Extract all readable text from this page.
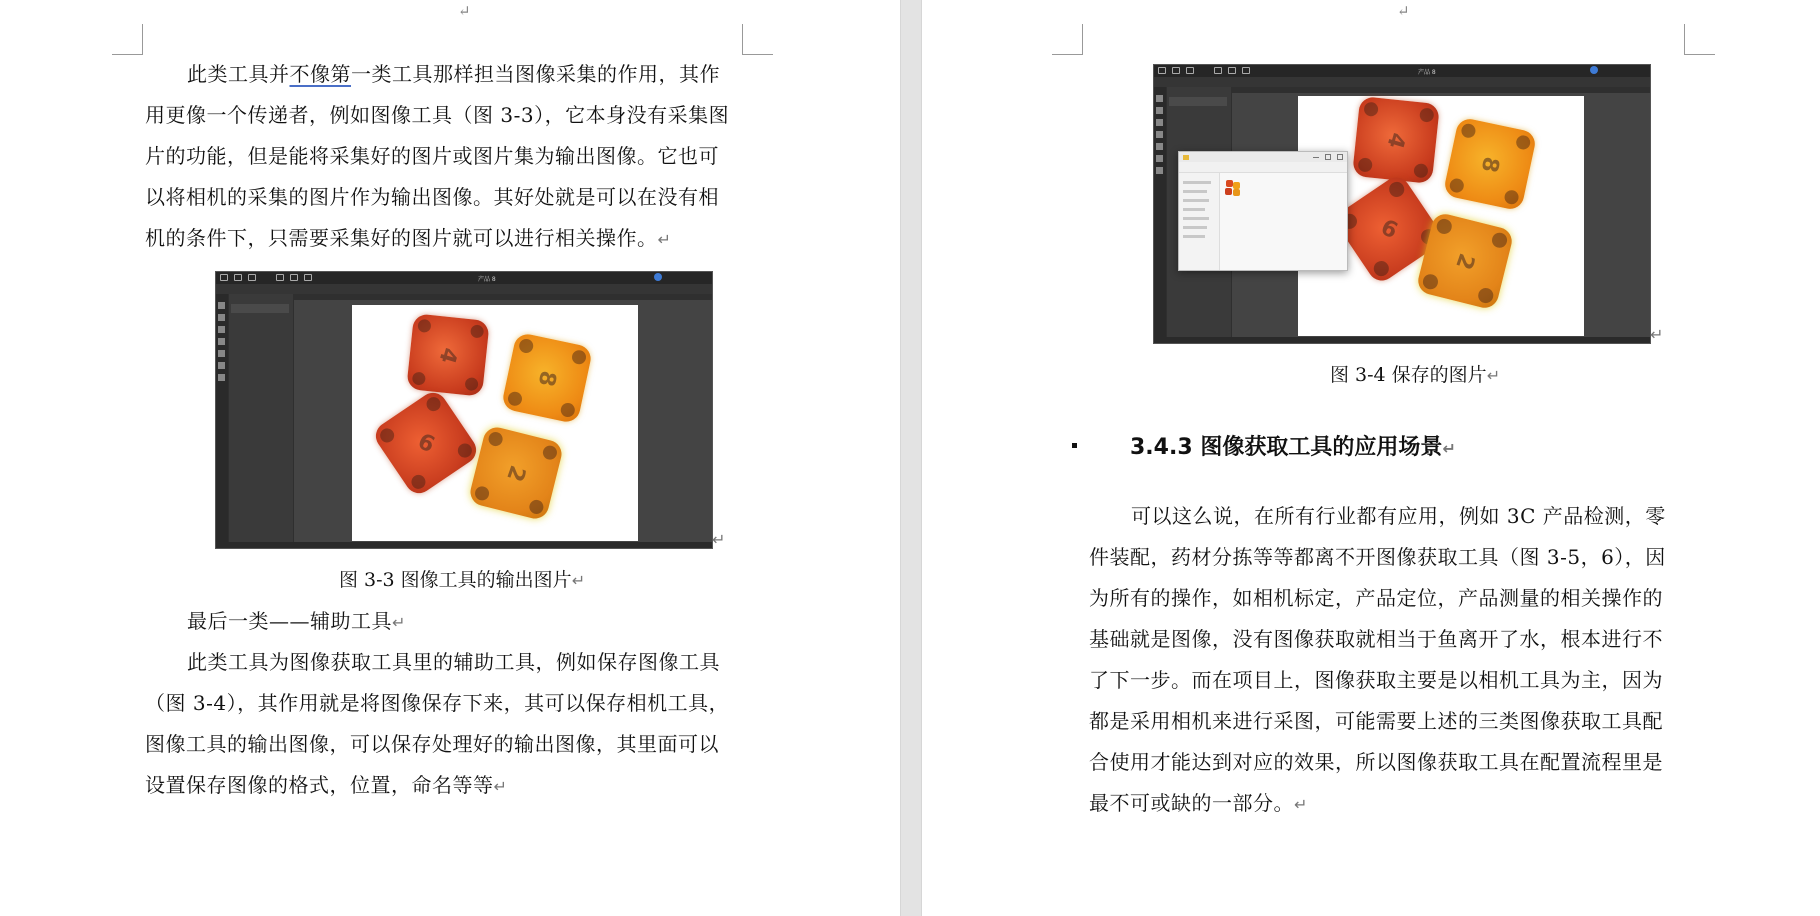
↵
此类工具并不像第一类工具那样担当图像采集的作用，其作
用更像一个传递者，例如图像工具（图 3-3），它本身没有采集图
片的功能，但是能将采集好的图片或图片集为输出图像。它也可
以将相机的采集的图片作为输出图像。其好处就是可以在没有相
机的条件下，只需要采集好的图片就可以进行相关操作。↵
产品 8
4
8
6
2
↵
图 3-3 图像工具的输出图片↵
最后一类——辅助工具↵
此类工具为图像获取工具里的辅助工具，例如保存图像工具
（图 3-4），其作用就是将图像保存下来，其可以保存相机工具，
图像工具的输出图像，可以保存处理好的输出图像，其里面可以
设置保存图像的格式，位置，命名等等↵
↵
产品 8
4
8
6
2
↵
图 3-4 保存的图片↵
3.4.3 图像获取工具的应用场景↵
可以这么说，在所有行业都有应用，例如 3C 产品检测，零
件装配，药材分拣等等都离不开图像获取工具（图 3-5，6），因
为所有的操作，如相机标定，产品定位，产品测量的相关操作的
基础就是图像，没有图像获取就相当于鱼离开了水，根本进行不
了下一步。而在项目上，图像获取主要是以相机工具为主，因为
都是采用相机来进行采图，可能需要上述的三类图像获取工具配
合使用才能达到对应的效果，所以图像获取工具在配置流程里是
最不可或缺的一部分。↵
